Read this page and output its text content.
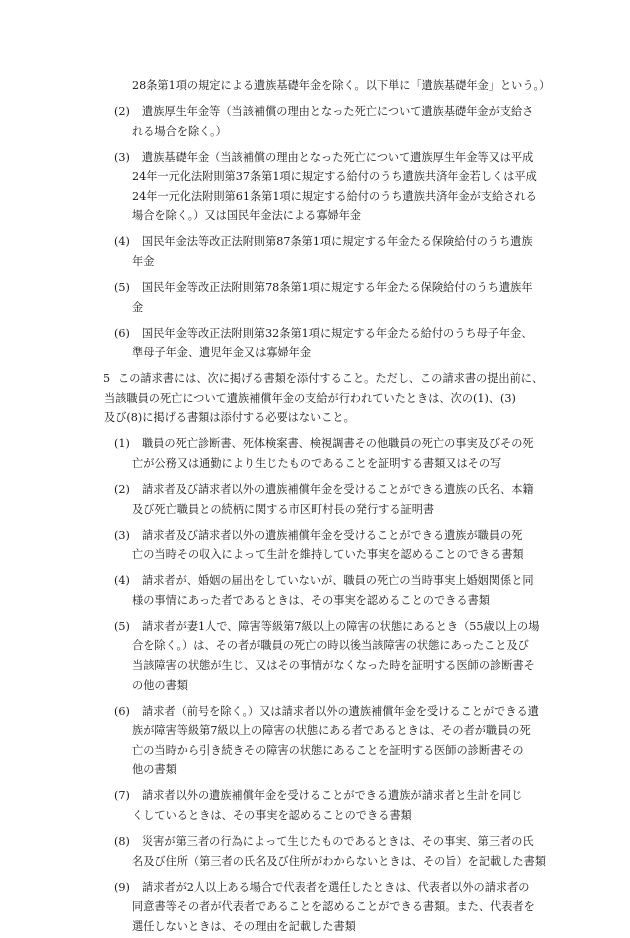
28条第1項の規定による遺族基礎年金を除く。以下単に「遺族基礎年金」という。）
(2) 遺族厚生年金等（当該補償の理由となった死亡について遺族基礎年金が支給さ
れる場合を除く。）
(3) 遺族基礎年金（当該補償の理由となった死亡について遺族厚生年金等又は平成
24年一元化法附則第37条第1項に規定する給付のうち遺族共済年金若しくは平成
24年一元化法附則第61条第1項に規定する給付のうち遺族共済年金が支給される
場合を除く。）又は国民年金法による寡婦年金
(4) 国民年金法等改正法附則第87条第1項に規定する年金たる保険給付のうち遺族
年金
(5) 国民年金等改正法附則第78条第1項に規定する年金たる保険給付のうち遺族年
金
(6) 国民年金等改正法附則第32条第1項に規定する年金たる給付のうち母子年金、
準母子年金、遺児年金又は寡婦年金
5 この請求書には、次に掲げる書類を添付すること。ただし、この請求書の提出前に、
当該職員の死亡について遺族補償年金の支給が行われていたときは、次の(1)、(3)
及び(8)に掲げる書類は添付する必要はないこと。
(1) 職員の死亡診断書、死体検案書、検視調書その他職員の死亡の事実及びその死
亡が公務又は通勤により生じたものであることを証明する書類又はその写
(2) 請求者及び請求者以外の遺族補償年金を受けることができる遺族の氏名、本籍
及び死亡職員との続柄に関する市区町村長の発行する証明書
(3) 請求者及び請求者以外の遺族補償年金を受けることができる遺族が職員の死
亡の当時その収入によって生計を維持していた事実を認めることのできる書類
(4) 請求者が、婚姻の届出をしていないが、職員の死亡の当時事実上婚姻関係と同
様の事情にあった者であるときは、その事実を認めることのできる書類
(5) 請求者が妻1人で、障害等級第7級以上の障害の状態にあるとき（55歳以上の場
合を除く。）は、その者が職員の死亡の時以後当該障害の状態にあったこと及び
当該障害の状態が生じ、又はその事情がなくなった時を証明する医師の診断書そ
の他の書類
(6) 請求者（前号を除く。）又は請求者以外の遺族補償年金を受けることができる遺
族が障害等級第7級以上の障害の状態にある者であるときは、その者が職員の死
亡の当時から引き続きその障害の状態にあることを証明する医師の診断書その
他の書類
(7) 請求者以外の遺族補償年金を受けることができる遺族が請求者と生計を同じ
くしているときは、その事実を認めることのできる書類
(8) 災害が第三者の行為によって生じたものであるときは、その事実、第三者の氏
名及び住所（第三者の氏名及び住所がわからないときは、その旨）を記載した書類
(9) 請求者が2人以上ある場合で代表者を選任したときは、代表者以外の請求者の
同意書等その者が代表者であることを認めることができる書類。また、代表者を
選任しないときは、その理由を記載した書類
